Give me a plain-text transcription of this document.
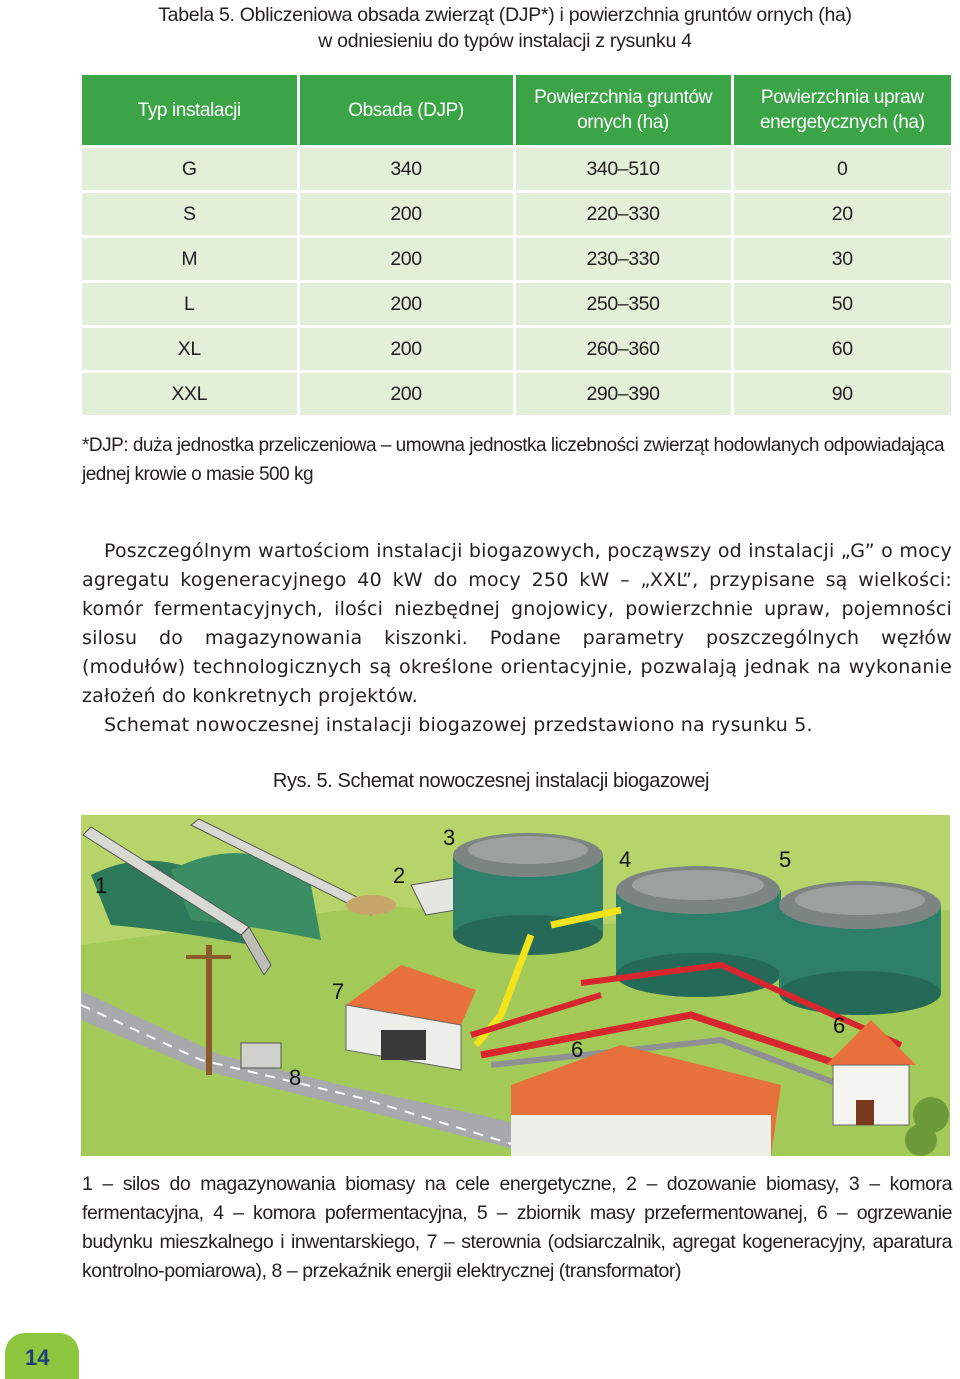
Tabela 5. Obliczeniowa obsada zwierząt (DJP*) i powierzchnia gruntów ornych (ha)
w odniesieniu do typów instalacji z rysunku 4
Typ instalacji	Obsada (DJP)	Powierzchnia gruntów ornych (ha)	Powierzchnia upraw energetycznych (ha)
G	340	340–510	0
S	200	220–330	20
M	200	230–330	30
L	200	250–350	50
XL	200	260–360	60
XXL	200	290–390	90
*DJP: duża jednostka przeliczeniowa – umowna jednostka liczebności zwierząt hodowlanych odpowiadająca jednej krowie o masie 500 kg

Poszczególnym wartościom instalacji biogazowych, począwszy od instalacji „G” o mocy agregatu kogeneracyjnego 40 kW do mocy 250 kW – „XXL”, przypisane są wielkości: komór fermentacyjnych, ilości niezbędnej gnojowicy, powierzchnie upraw, pojemności silosu do magazynowania kiszonki. Podane parametry poszczególnych węzłów (modułów) technologicznych są określone orientacyjnie, pozwalają jednak na wykonanie założeń do konkretnych projektów.

Schemat nowoczesnej instalacji biogazowej przedstawiono na rysunku 5.

Rys. 5. Schemat nowoczesnej instalacji biogazowej
1	2
3
4	5
6
6
7
8
1 – silos do magazynowania biomasy na cele energetyczne, 2 – dozowanie biomasy, 3 – komora fermentacyjna, 4 – komora pofermentacyjna, 5 – zbiornik masy przefermentowanej, 6 – ogrzewanie budynku mieszkalnego i inwentarskiego, 7 – sterownia (odsiarczalnik, agregat kogeneracyjny, aparatura kontrolno-pomiarowa), 8 – przekaźnik energii elektrycznej (transformator)
14
